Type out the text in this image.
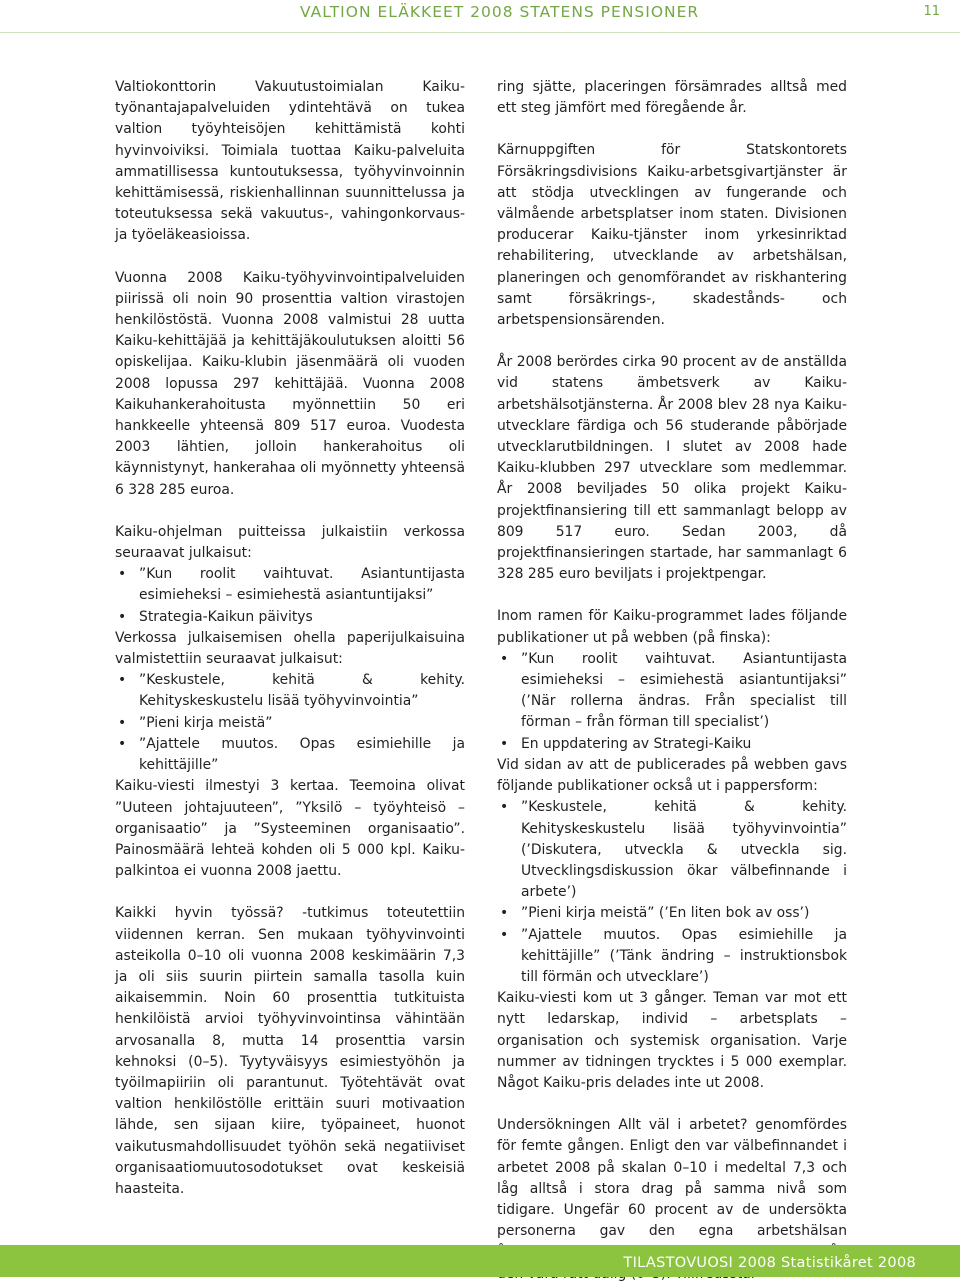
VALTION ELÄKKEET 2008 STATENS PENSIONER	11

Valtiokonttorin Vakuutustoimialan Kaiku-työnantajapalveluiden ydintehtävä on tukea valtion työyhteisöjen kehittämistä kohti hyvinvoiviksi. Toimiala tuottaa Kaiku-palveluita ammatillisessa kuntoutuksessa, työhyvinvoinnin kehittämisessä, riskienhallinnan suunnittelussa ja toteutuksessa sekä vakuutus-, vahingonkorvaus- ja työeläkeasioissa.

Vuonna 2008 Kaiku-työhyvinvointipalveluiden piirissä oli noin 90 prosenttia valtion virastojen henkilöstöstä. Vuonna 2008 valmistui 28 uutta Kaiku-kehittäjää ja kehittäjäkoulutuksen aloitti 56 opiskelijaa. Kaiku-klubin jäsenmäärä oli vuoden 2008 lopussa 297 kehittäjää. Vuonna 2008 Kaikuhankerahoitusta myönnettiin 50 eri hankkeelle yhteensä 809 517 euroa. Vuodesta 2003 lähtien, jolloin hankerahoitus oli käynnistynyt, hankerahaa oli myönnetty yhteensä 6 328 285 euroa.

Kaiku-ohjelman puitteissa julkaistiin verkossa seuraavat julkaisut:

• ”Kun roolit vaihtuvat. Asiantuntijasta esimieheksi – esimiehestä asiantuntijaksi”
• Strategia-Kaikun päivitys

Verkossa julkaisemisen ohella paperijulkaisuina valmistettiin seuraavat julkaisut:

• ”Keskustele, kehitä & kehity. Kehityskeskustelu lisää työhyvinvointia”
• ”Pieni kirja meistä”
• ”Ajattele muutos. Opas esimiehille ja kehittäjille”

Kaiku-viesti ilmestyi 3 kertaa. Teemoina olivat ”Uuteen johtajuuteen”, ”Yksilö – työyhteisö – organisaatio” ja ”Systeeminen organisaatio”. Painosmäärä lehteä kohden oli 5 000 kpl. Kaiku-palkintoa ei vuonna 2008 jaettu.

Kaikki hyvin työssä? -tutkimus toteutettiin viidennen kerran. Sen mukaan työhyvinvointi asteikolla 0–10 oli vuonna 2008 keskimäärin 7,3 ja oli siis suurin piirtein samalla tasolla kuin aikaisemmin. Noin 60 prosenttia tutkituista henkilöistä arvioi työhyvinvointinsa vähintään arvosanalla 8, mutta 14 prosenttia varsin kehnoksi (0–5). Tyytyväisyys esimiestyöhön ja työilmapiiriin oli parantunut. Työtehtävät ovat valtion henkilöstölle erittäin suuri motivaation lähde, sen sijaan kiire, työpaineet, huonot vaikutusmahdollisuudet työhön sekä negatiiviset organisaatiomuutosodotukset ovat keskeisiä haasteita.

ring sjätte, placeringen försämrades alltså med ett steg jämfört med föregående år.

Kärnuppgiften för Statskontorets Försäkringsdivisions Kaiku-arbetsgivartjänster är att stödja utvecklingen av fungerande och välmående arbetsplatser inom staten. Divisionen producerar Kaiku-tjänster inom yrkesinriktad rehabilitering, utvecklande av arbetshälsan, planeringen och genomförandet av riskhantering samt försäkrings-, skadestånds- och arbetspensionsärenden.

År 2008 berördes cirka 90 procent av de anställda vid statens ämbetsverk av Kaiku-arbetshälsotjänsterna. År 2008 blev 28 nya Kaiku-utvecklare färdiga och 56 studerande påbörjade utvecklarutbildningen. I slutet av 2008 hade Kaiku-klubben 297 utvecklare som medlemmar. År 2008 beviljades 50 olika projekt Kaiku-projektfinansiering till ett sammanlagt belopp av 809 517 euro. Sedan 2003, då projektfinansieringen startade, har sammanlagt 6 328 285 euro beviljats i projektpengar.

Inom ramen för Kaiku-programmet lades följande publikationer ut på webben (på finska):

• ”Kun roolit vaihtuvat. Asiantuntijasta esimieheksi – esimiehestä asiantuntijaksi” (’När rollerna ändras. Från specialist till förman – från förman till specialist’)
• En uppdatering av Strategi-Kaiku

Vid sidan av att de publicerades på webben gavs följande publikationer också ut i pappersform:

• ”Keskustele, kehitä & kehity. Kehityskeskustelu lisää työhyvinvointia” (’Diskutera, utveckla & utveckla sig. Utvecklingsdiskussion ökar välbefinnande i arbete’)
• ”Pieni kirja meistä” (’En liten bok av oss’)
• ”Ajattele muutos. Opas esimiehille ja kehittäjille” (’Tänk ändring – instruktionsbok till förmän och utvecklare’)

Kaiku-viesti kom ut 3 gånger. Teman var mot ett nytt ledarskap, individ – arbetsplats – organisation och systemisk organisation. Varje nummer av tidningen trycktes i 5 000 exemplar. Något Kaiku-pris delades inte ut 2008.

Undersökningen Allt väl i arbetet? genomfördes för femte gången. Enligt den var välbefinnandet i arbetet 2008 på skalan 0–10 i medeltal 7,3 och låg alltså i stora drag på samma nivå som tidigare. Ungefär 60 procent av de undersökta personerna gav den egna arbetshälsan

TILASTOVUOSI 2008 Statistikåret 2008
